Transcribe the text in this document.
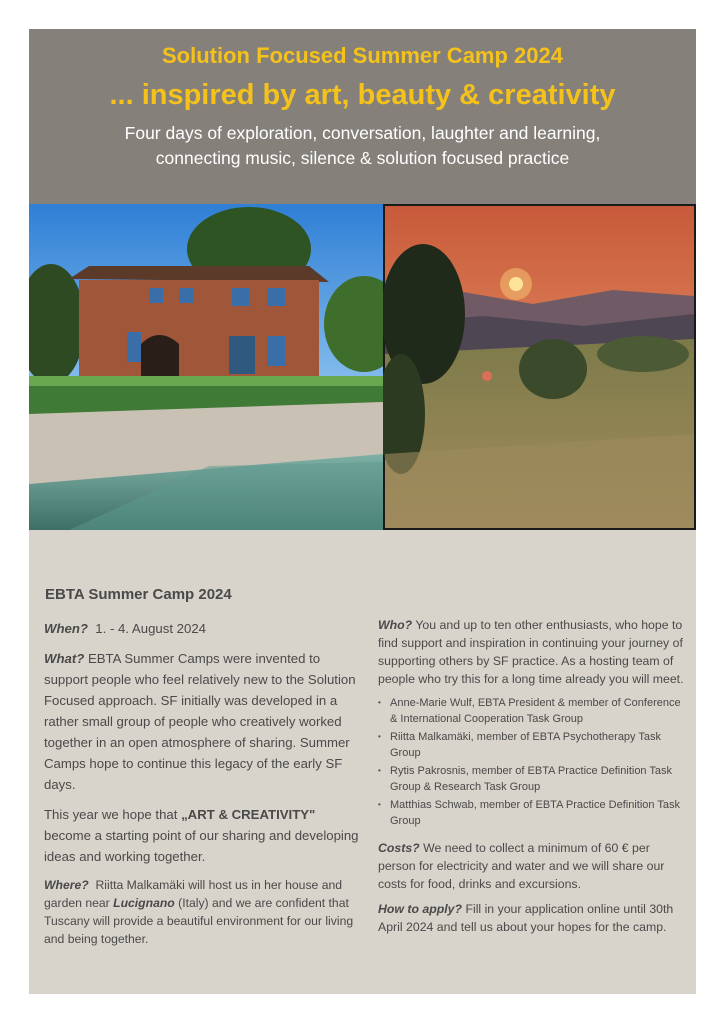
Solution Focused Summer Camp 2024
... inspired by art, beauty & creativity
Four days of exploration, conversation, laughter and learning,
connecting music, silence & solution focused practice
EBTA Summer Camp 2024

When? 1. - 4. August 2024

What? EBTA Summer Camps were invented to support people who feel relatively new to the Solution Focused approach. SF initially was developed in a rather small group of people who creatively worked together in an open atmosphere of sharing. Summer Camps hope to continue this legacy of the early SF days.

This year we hope that „ART & CREATIVITY" become a starting point of our sharing and developing ideas and working together.

Where? Riitta Malkamäki will host us in her house and garden near Lucignano (Italy) and we are confident that Tuscany will provide a beautiful environment for our living and being together.

Who? You and up to ten other enthusiasts, who hope to find support and inspiration in continuing your journey of supporting others by SF practice. As a hosting team of people who try this for a long time already you will meet.

• Anne-Marie Wulf, EBTA President & member of Conference & International Cooperation Task Group
• Riitta Malkamäki, member of EBTA Psychotherapy Task Group
• Rytis Pakrosnis, member of EBTA Practice Definition Task Group & Research Task Group
• Matthias Schwab, member of EBTA Practice Definition Task Group

Costs? We need to collect a minimum of 60 € per person for electricity and water and we will share our costs for food, drinks and excursions.

How to apply? Fill in your application online until 30th April 2024 and tell us about your hopes for the camp.
